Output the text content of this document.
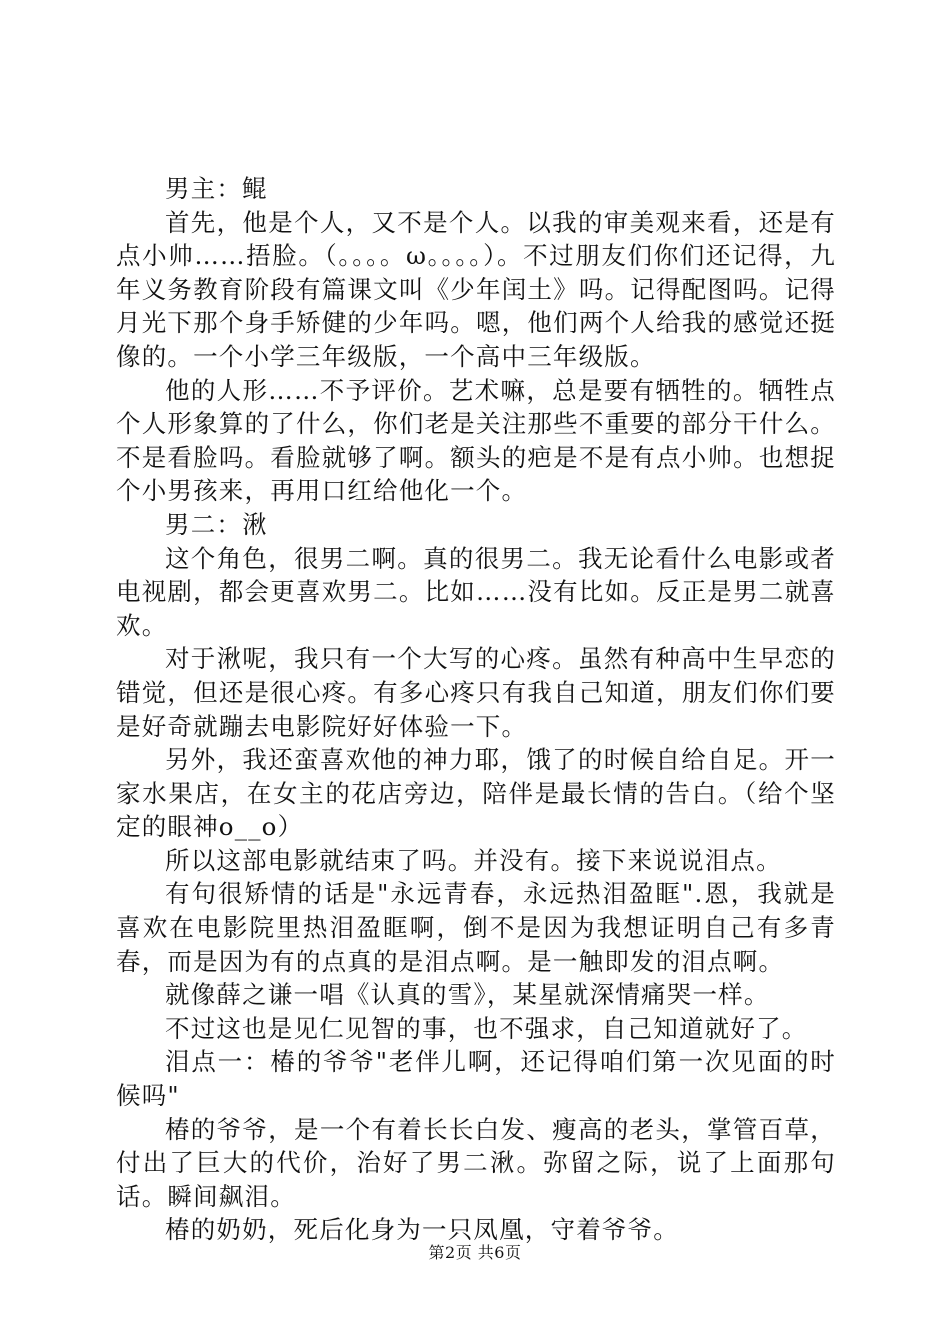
男主：鲲

首先，他是个人，又不是个人。以我的审美观来看，还是有点小帅……捂脸。（。。。。ω。。。。）。不过朋友们你们还记得，九年义务教育阶段有篇课文叫《少年闰土》吗。记得配图吗。记得月光下那个身手矫健的少年吗。嗯，他们两个人给我的感觉还挺像的。一个小学三年级版，一个高中三年级版。

他的人形……不予评价。艺术嘛，总是要有牺牲的。牺牲点个人形象算的了什么，你们老是关注那些不重要的部分干什么。不是看脸吗。看脸就够了啊。额头的疤是不是有点小帅。也想捉个小男孩来，再用口红给他化一个。

男二：湫

这个角色，很男二啊。真的很男二。我无论看什么电影或者电视剧，都会更喜欢男二。比如……没有比如。反正是男二就喜欢。

对于湫呢，我只有一个大写的心疼。虽然有种高中生早恋的错觉，但还是很心疼。有多心疼只有我自己知道，朋友们你们要是好奇就蹦去电影院好好体验一下。

另外，我还蛮喜欢他的神力耶，饿了的时候自给自足。开一家水果店，在女主的花店旁边，陪伴是最长情的告白。（给个坚定的眼神o__o）

所以这部电影就结束了吗。并没有。接下来说说泪点。

有句很矫情的话是"永远青春，永远热泪盈眶".恩，我就是喜欢在电影院里热泪盈眶啊，倒不是因为我想证明自己有多青春，而是因为有的点真的是泪点啊。是一触即发的泪点啊。

就像薛之谦一唱《认真的雪》，某星就深情痛哭一样。

不过这也是见仁见智的事，也不强求，自己知道就好了。

泪点一：椿的爷爷"老伴儿啊，还记得咱们第一次见面的时候吗"

椿的爷爷，是一个有着长长白发、瘦高的老头，掌管百草，付出了巨大的代价，治好了男二湫。弥留之际，说了上面那句话。瞬间飙泪。

椿的奶奶，死后化身为一只凤凰，守着爷爷。

第2页 共6页
